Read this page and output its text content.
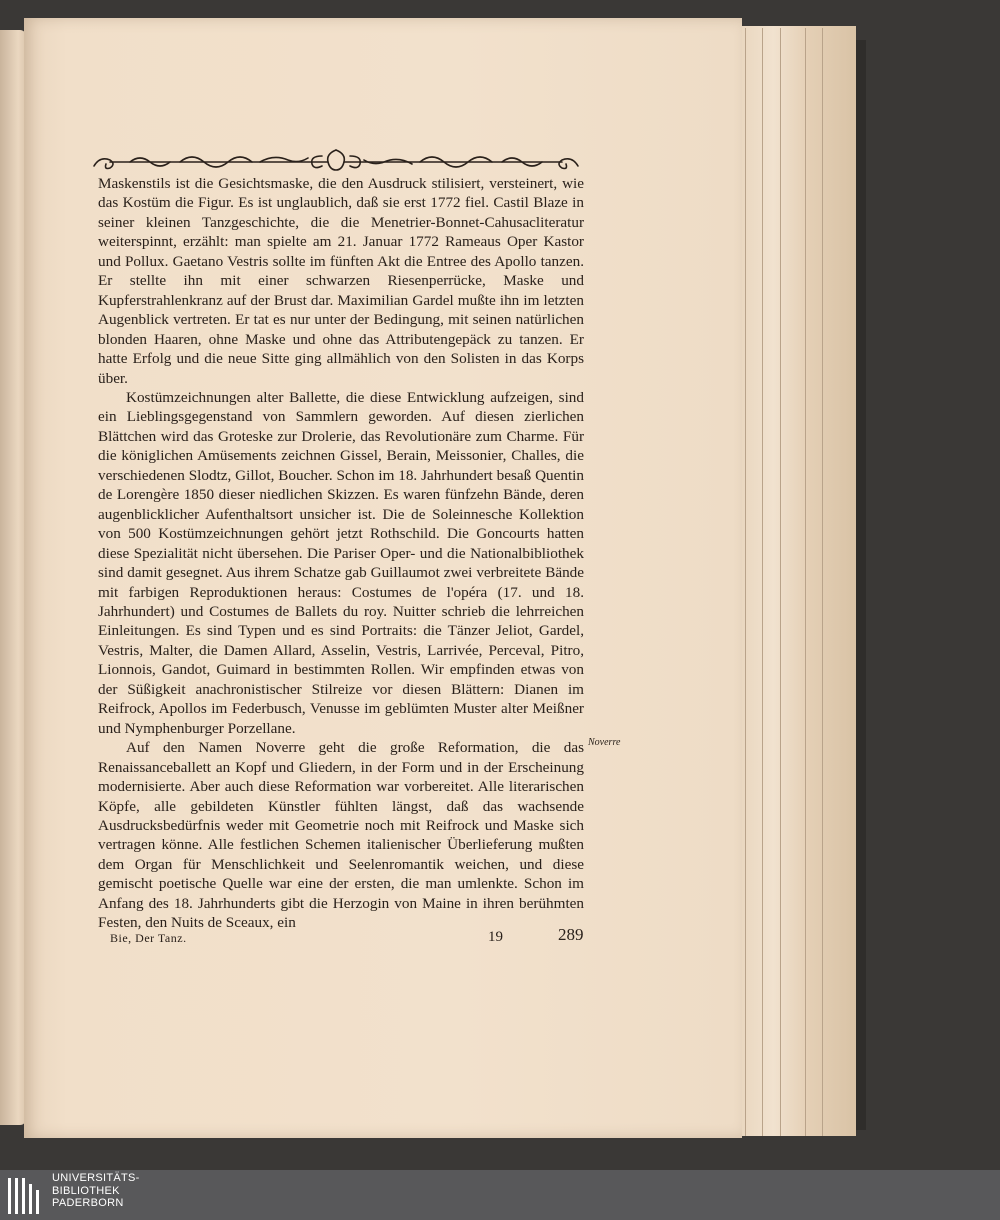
Maskenstils ist die Gesichtsmaske, die den Ausdruck stilisiert, versteinert, wie das Kostüm die Figur. Es ist unglaublich, daß sie erst 1772 fiel. Castil Blaze in seiner kleinen Tanzgeschichte, die die Menetrier-Bonnet-Cahusacliteratur weiterspinnt, erzählt: man spielte am 21. Januar 1772 Rameaus Oper Kastor und Pollux. Gaetano Vestris sollte im fünften Akt die Entree des Apollo tanzen. Er stellte ihn mit einer schwarzen Riesenperrücke, Maske und Kupferstrahlenkranz auf der Brust dar. Maximilian Gardel mußte ihn im letzten Augenblick vertreten. Er tat es nur unter der Bedingung, mit seinen natürlichen blonden Haaren, ohne Maske und ohne das Attributengepäck zu tanzen. Er hatte Erfolg und die neue Sitte ging allmählich von den Solisten in das Korps über.

Kostümzeichnungen alter Ballette, die diese Entwicklung aufzeigen, sind ein Lieblingsgegenstand von Sammlern geworden. Auf diesen zierlichen Blättchen wird das Groteske zur Drolerie, das Revolutionäre zum Charme. Für die königlichen Amüsements zeichnen Gissel, Berain, Meissonier, Challes, die verschiedenen Slodtz, Gillot, Boucher. Schon im 18. Jahrhundert besaß Quentin de Lorengère 1850 dieser niedlichen Skizzen. Es waren fünfzehn Bände, deren augenblicklicher Aufenthaltsort unsicher ist. Die de Soleinnesche Kollektion von 500 Kostümzeichnungen gehört jetzt Rothschild. Die Goncourts hatten diese Spezialität nicht übersehen. Die Pariser Oper- und die Nationalbibliothek sind damit gesegnet. Aus ihrem Schatze gab Guillaumot zwei verbreitete Bände mit farbigen Reproduktionen heraus: Costumes de l'opéra (17. und 18. Jahrhundert) und Costumes de Ballets du roy. Nuitter schrieb die lehrreichen Einleitungen. Es sind Typen und es sind Portraits: die Tänzer Jeliot, Gardel, Vestris, Malter, die Damen Allard, Asselin, Vestris, Larrivée, Perceval, Pitro, Lionnois, Gandot, Guimard in bestimmten Rollen. Wir empfinden etwas von der Süßigkeit anachronistischer Stilreize vor diesen Blättern: Dianen im Reifrock, Apollos im Federbusch, Venusse im geblümten Muster alter Meißner und Nymphenburger Porzellane.

Auf den Namen Noverre geht die große Reformation, die das Renaissanceballett an Kopf und Gliedern, in der Form und in der Erscheinung modernisierte. Aber auch diese Reformation war vorbereitet. Alle literarischen Köpfe, alle gebildeten Künstler fühlten längst, daß das wachsende Ausdrucksbedürfnis weder mit Geometrie noch mit Reifrock und Maske sich vertragen könne. Alle festlichen Schemen italienischer Überlieferung mußten dem Organ für Menschlichkeit und Seelenromantik weichen, und diese gemischt poetische Quelle war eine der ersten, die man umlenkte. Schon im Anfang des 18. Jahrhunderts gibt die Herzogin von Maine in ihren berühmten Festen, den Nuits de Sceaux, ein

Noverre
Bie, Der Tanz.	19	289
UNIVERSITÄTS-
BIBLIOTHEK
PADERBORN
